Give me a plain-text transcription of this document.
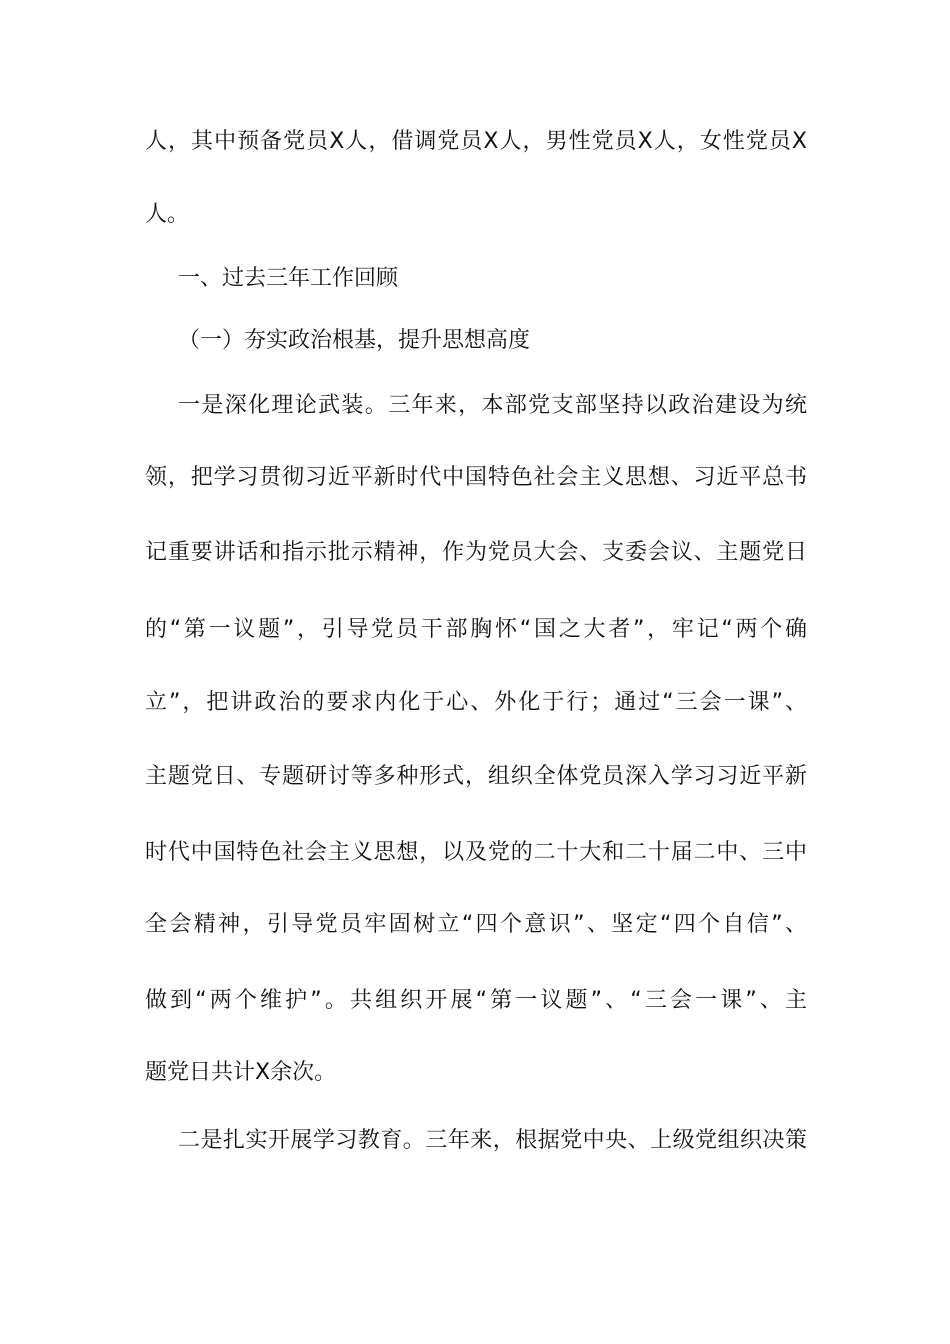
人，其中预备党员X人，借调党员X人，男性党员X人，女性党员X
人。
一、过去三年工作回顾
（一）夯实政治根基，提升思想高度
一是深化理论武装。三年来，本部党支部坚持以政治建设为统
领，把学习贯彻习近平新时代中国特色社会主义思想、习近平总书
记重要讲话和指示批示精神，作为党员大会、支委会议、主题党日
的“第一议题”，引导党员干部胸怀“国之大者”，牢记“两个确
立”，把讲政治的要求内化于心、外化于行；通过“三会一课”、
主题党日、专题研讨等多种形式，组织全体党员深入学习习近平新
时代中国特色社会主义思想，以及党的二十大和二十届二中、三中
全会精神，引导党员牢固树立“四个意识”、坚定“四个自信”、
做到“两个维护”。共组织开展“第一议题”、“三会一课”、主
题党日共计X余次。
二是扎实开展学习教育。三年来，根据党中央、上级党组织决策
